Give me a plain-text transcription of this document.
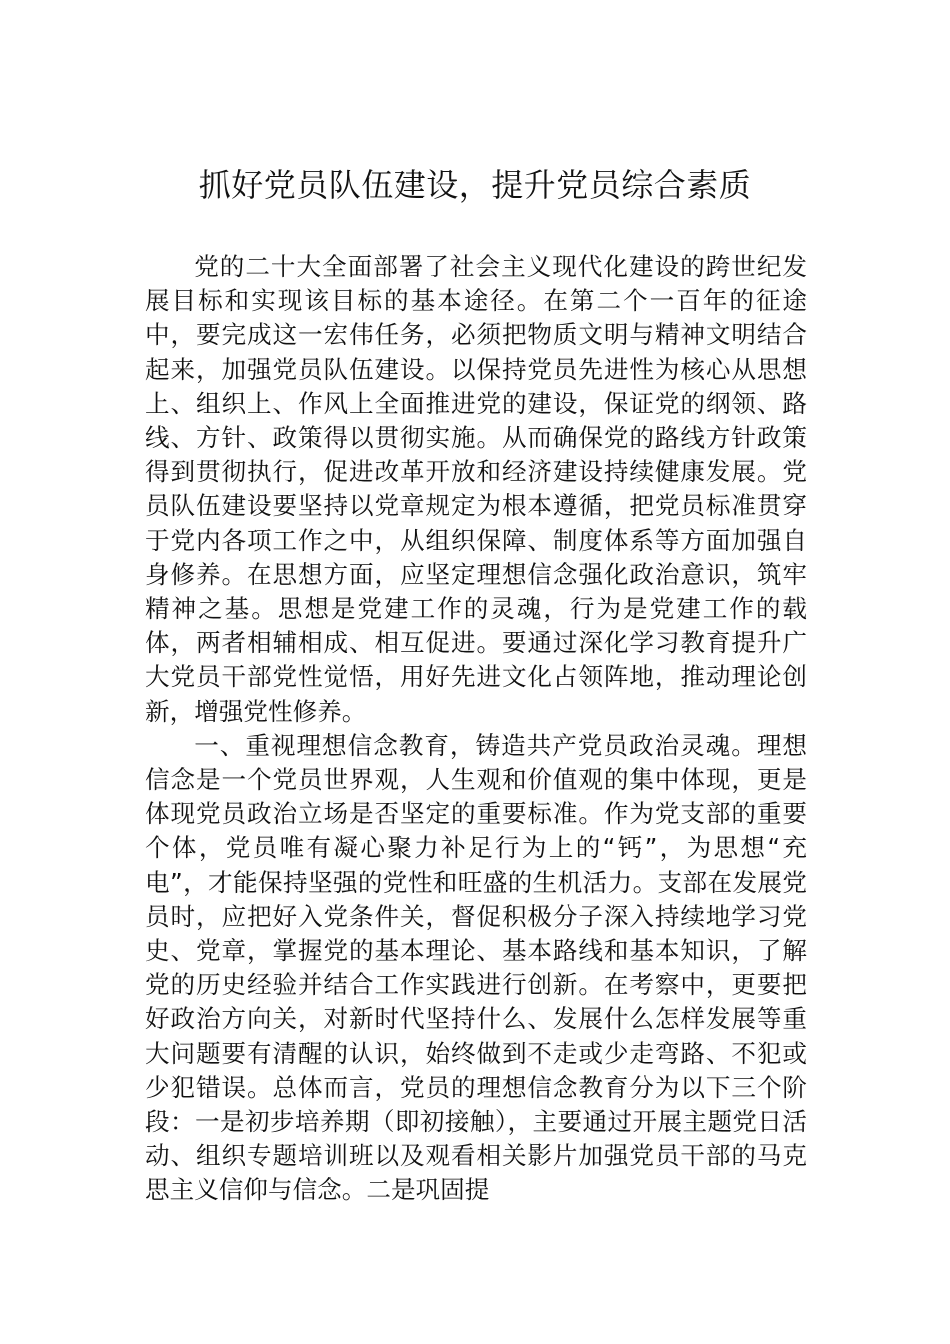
抓好党员队伍建设，提升党员综合素质

党的二十大全面部署了社会主义现代化建设的跨世纪发展目标和实现该目标的基本途径。在第二个一百年的征途中，要完成这一宏伟任务，必须把物质文明与精神文明结合起来，加强党员队伍建设。以保持党员先进性为核心从思想上、组织上、作风上全面推进党的建设，保证党的纲领、路线、方针、政策得以贯彻实施。从而确保党的路线方针政策得到贯彻执行，促进改革开放和经济建设持续健康发展。党员队伍建设要坚持以党章规定为根本遵循，把党员标准贯穿于党内各项工作之中，从组织保障、制度体系等方面加强自身修养。在思想方面，应坚定理想信念强化政治意识，筑牢精神之基。思想是党建工作的灵魂，行为是党建工作的载体，两者相辅相成、相互促进。要通过深化学习教育提升广大党员干部党性觉悟，用好先进文化占领阵地，推动理论创新，增强党性修养。

一、重视理想信念教育，铸造共产党员政治灵魂。理想信念是一个党员世界观，人生观和价值观的集中体现，更是体现党员政治立场是否坚定的重要标准。作为党支部的重要个体，党员唯有凝心聚力补足行为上的“钙”，为思想“充电”，才能保持坚强的党性和旺盛的生机活力。支部在发展党员时，应把好入党条件关，督促积极分子深入持续地学习党史、党章，掌握党的基本理论、基本路线和基本知识，了解党的历史经验并结合工作实践进行创新。在考察中，更要把好政治方向关，对新时代坚持什么、发展什么怎样发展等重大问题要有清醒的认识，始终做到不走或少走弯路、不犯或少犯错误。总体而言，党员的理想信念教育分为以下三个阶段：一是初步培养期（即初接触），主要通过开展主题党日活动、组织专题培训班以及观看相关影片加强党员干部的马克思主义信仰与信念。二是巩固提
